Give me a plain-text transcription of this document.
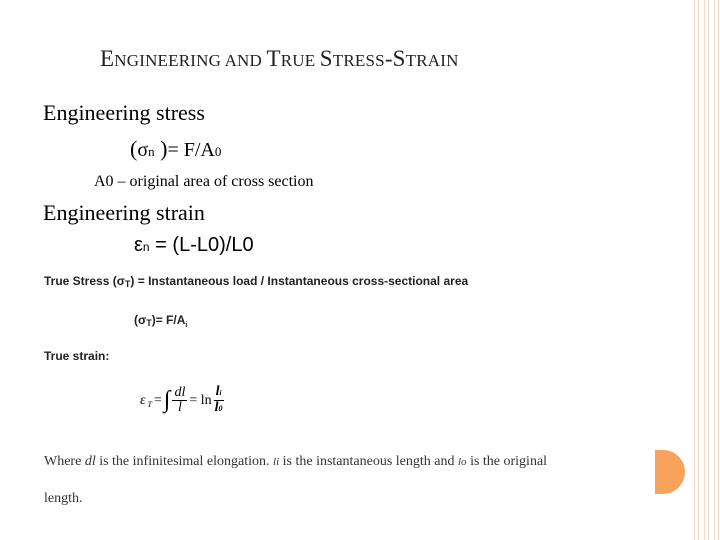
ENGINEERING AND TRUE STRESS-STRAIN
Engineering stress
(σn )= F/A0
A0 – original area of cross section
Engineering strain
εn = (L-L0)/L0
True Stress $(\sigma_T)$ = Instantaneous load / Instantaneous cross-sectional area
$(\sigma_T)= F/A_i$
True strain:
ε T = ∫ $\frac{dl}{l} = \ln \frac{li}{l0}$
Where dl is the infinitesimal elongation. li is the instantaneous length and lo is the original
length.
